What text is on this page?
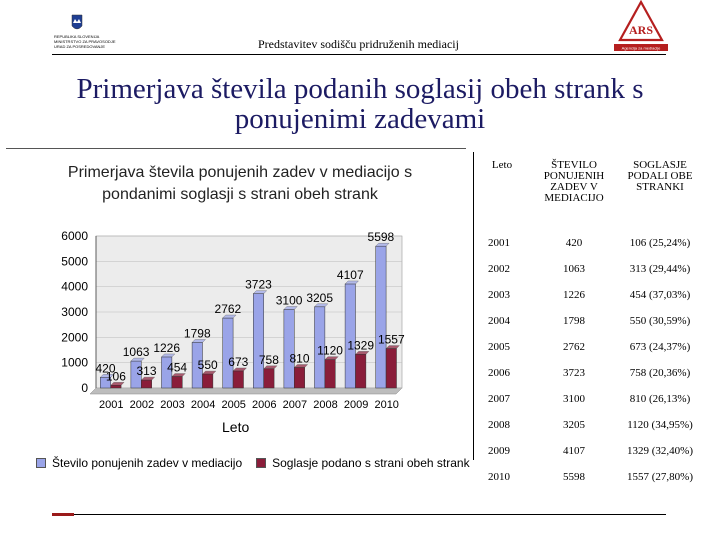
REPUBLIKA SLOVENIJA
MINISTRSTVO ZA PRAVOSODJE
URAD ZA POSREDOVANJE	Predstavitev sodišču pridruženih mediacij
ARS
Agencija za mediacije
Primerjava števila podanih soglasij obeh strank s ponujenimi zadevami
Primerjava števila ponujenih zadev v mediacijo s pondanimi soglasji s strani obeh strank
0
1000
2000
3000
4000
5000
6000
420
106
2001
1063
313
2002
1226
454
2003
1798
550
2004
2762
673
2005
3723
758
2006
3100
810
2007
3205
1120
2008
4107
1329
2009
5598
1557
2010
Leto
Število ponujenih zadev v mediacijo	Soglasje podano s strani obeh strank
Leto	ŠTEVILO PONUJENIH ZADEV V MEDIACIJO	SOGLASJE PODALI OBE STRANKI
2001	420	106 (25,24%)
2002	1063	313 (29,44%)
2003	1226	454 (37,03%)
2004	1798	550 (30,59%)
2005	2762	673 (24,37%)
2006	3723	758 (20,36%)
2007	3100	810 (26,13%)
2008	3205	1120 (34,95%)
2009	4107	1329 (32,40%)
2010	5598	1557 (27,80%)
